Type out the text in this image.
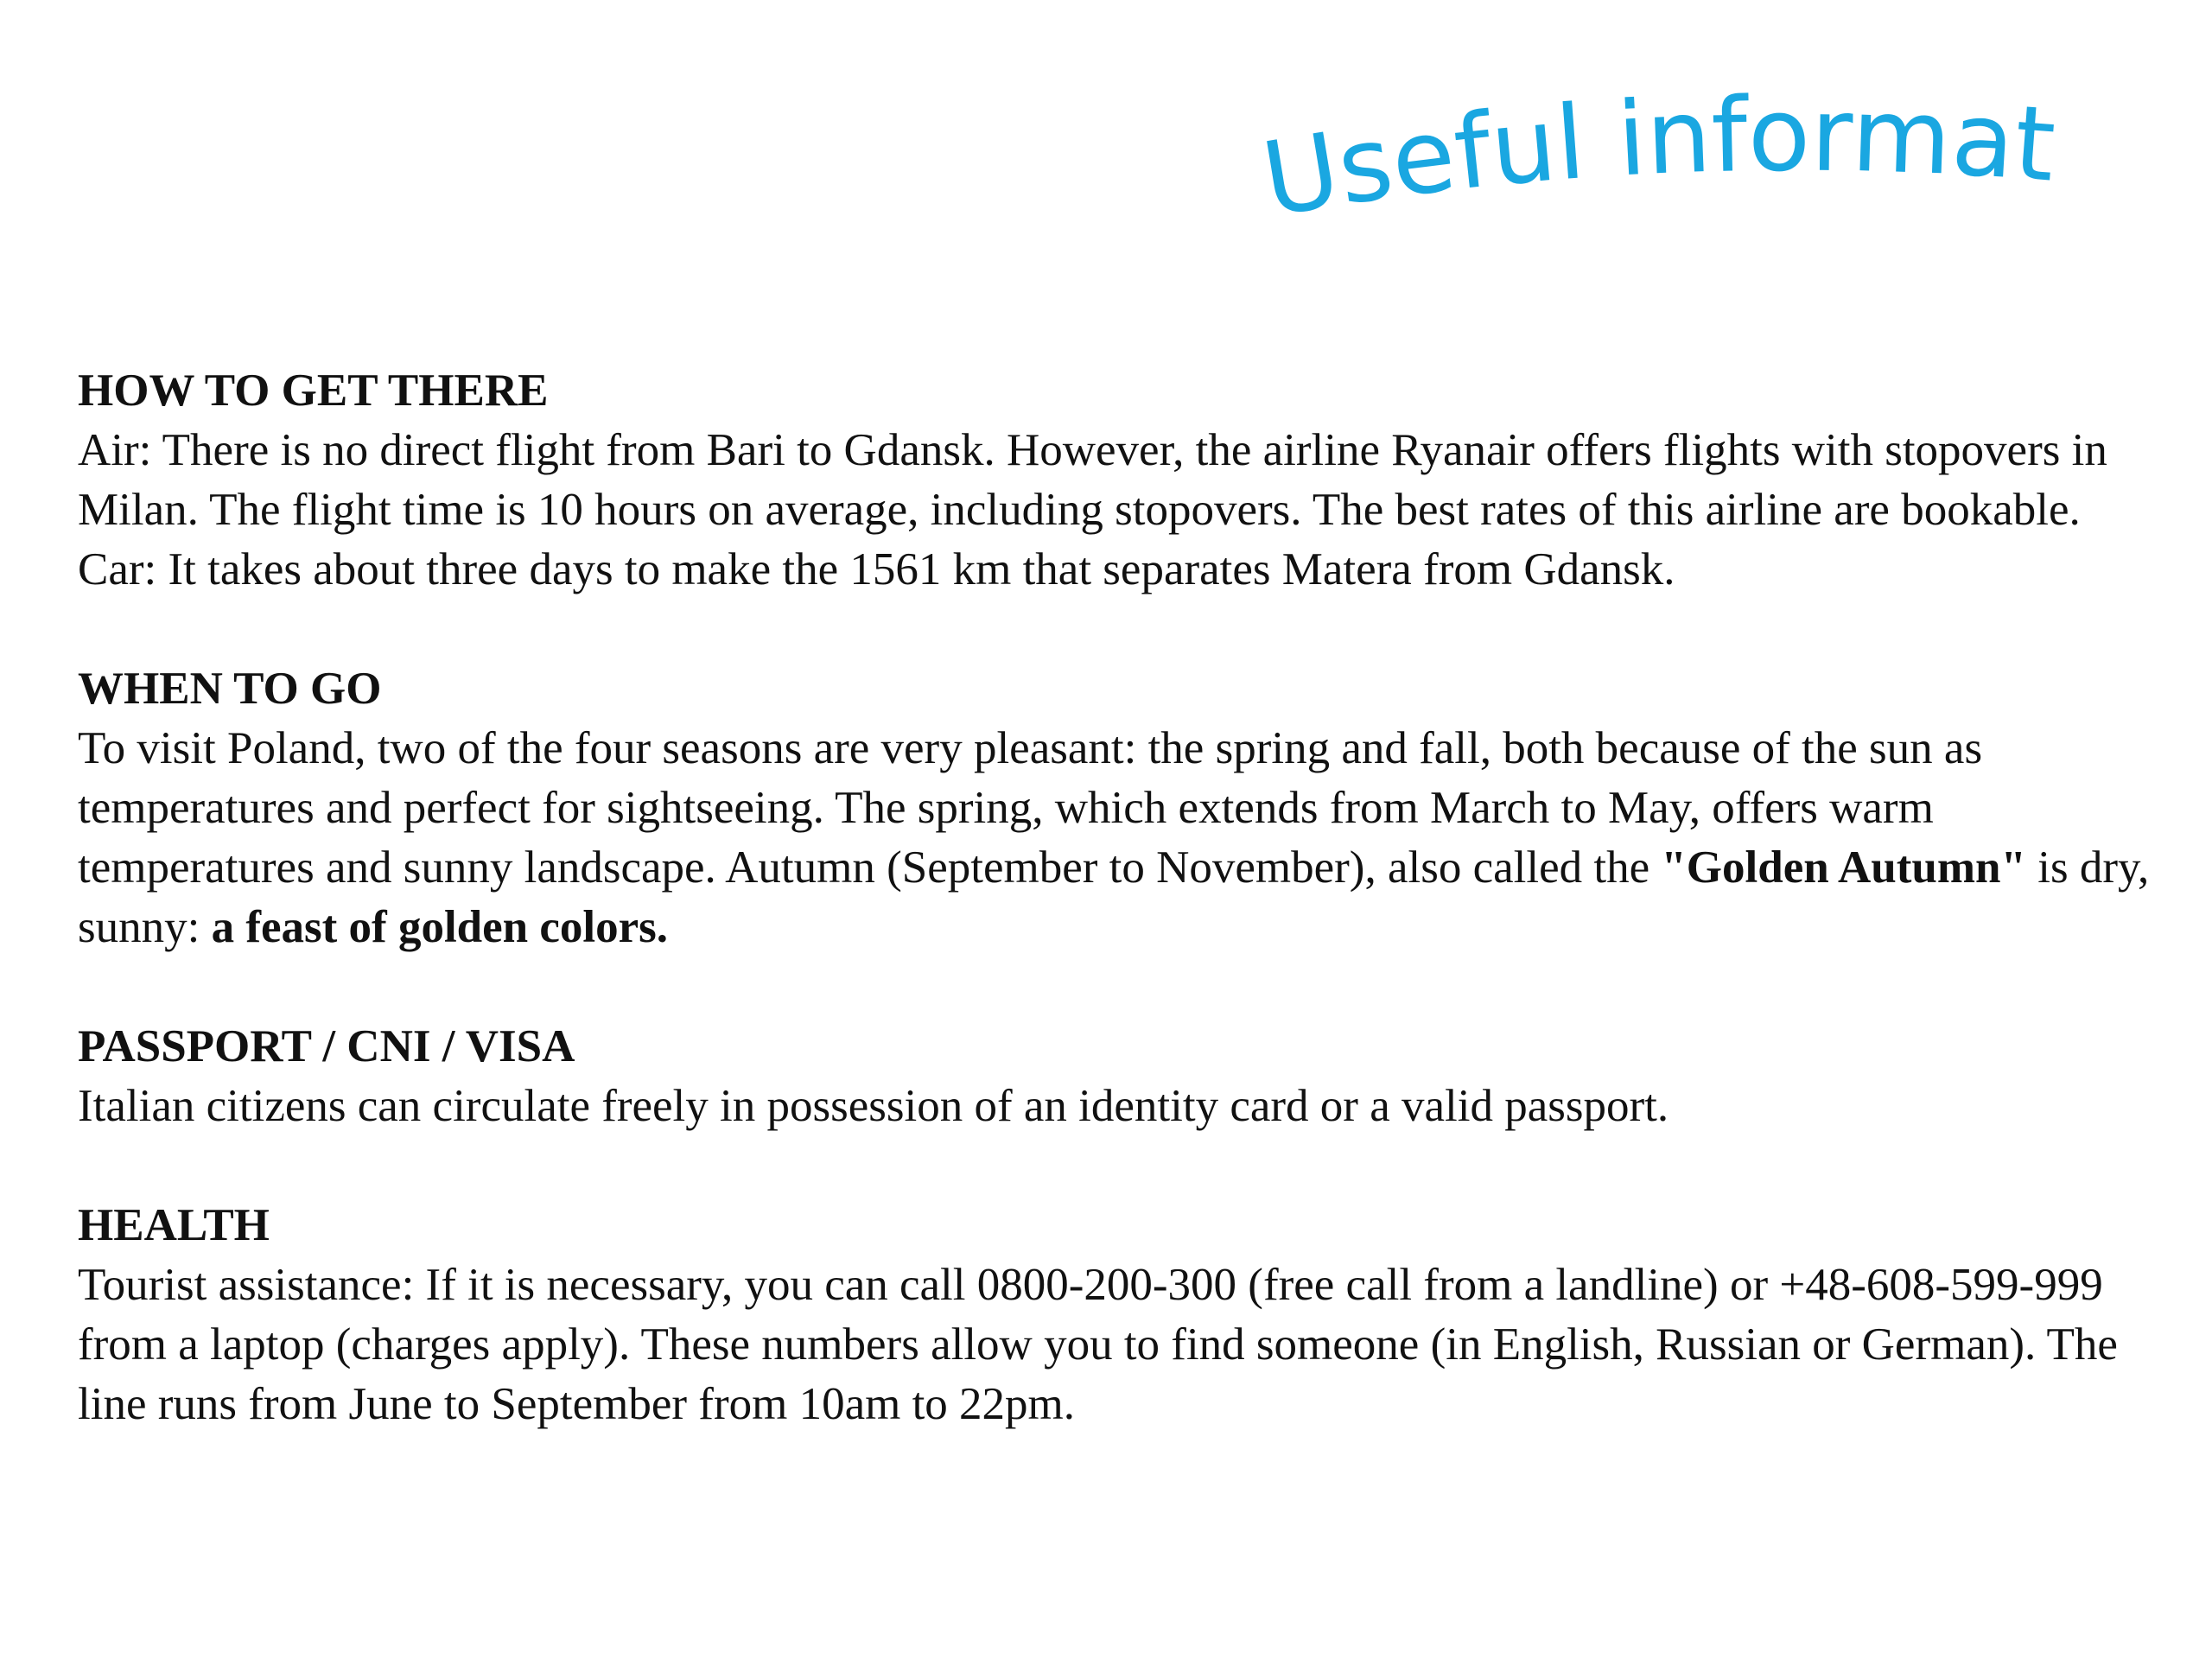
Useful information
HOW TO GET THERE
Air: There is no direct flight from Bari to Gdansk. However, the airline Ryanair offers flights with stopovers in Milan. The flight time is 10 hours on average, including stopovers. The best rates of this airline are bookable.
Car: It takes about three days to make the 1561 km that separates Matera from Gdansk.
WHEN TO GO
To visit Poland, two of the four seasons are very pleasant: the spring and fall, both because of the sun as temperatures and perfect for sightseeing. The spring, which extends from March to May, offers warm temperatures and sunny landscape. Autumn (September to November), also called the "Golden Autumn" is dry, sunny: a feast of golden colors.
PASSPORT / CNI / VISA
Italian citizens can circulate freely in possession of an identity card or a valid passport.
HEALTH
Tourist assistance: If it is necessary, you can call 0800-200-300 (free call from a landline) or +48-608-599-999 from a laptop (charges apply). These numbers allow you to find someone (in English, Russian or German). The line runs from June to September from 10am to 22pm.
